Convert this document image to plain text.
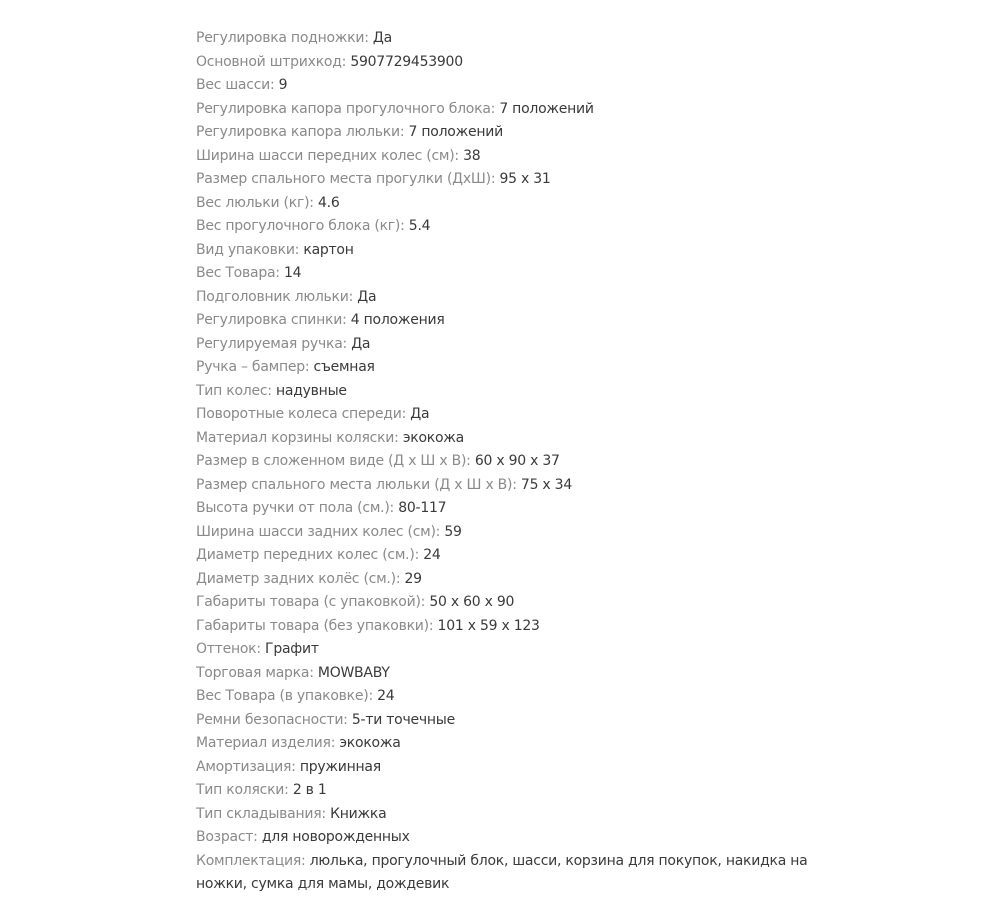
Регулировка подножки: Да
Основной штрихкод: 5907729453900
Вес шасси: 9
Регулировка капора прогулочного блока: 7 положений
Регулировка капора люльки: 7 положений
Ширина шасси передних колес (см): 38
Размер спального места прогулки (ДхШ): 95 x 31
Вес люльки (кг): 4.6
Вес прогулочного блока (кг): 5.4
Вид упаковки: картон
Вес Товара: 14
Подголовник люльки: Да
Регулировка спинки: 4 положения
Регулируемая ручка: Да
Ручка – бампер: съемная
Тип колес: надувные
Поворотные колеса спереди: Да
Материал корзины коляски: экокожа
Размер в сложенном виде (Д x Ш x В): 60 x 90 x 37
Размер спального места люльки (Д x Ш x В): 75 x 34
Высота ручки от пола (см.): 80-117
Ширина шасси задних колес (см): 59
Диаметр передних колес (см.): 24
Диаметр задних колёс (см.): 29
Габариты товара (с упаковкой): 50 x 60 x 90
Габариты товара (без упаковки): 101 x 59 x 123
Оттенок: Графит
Торговая марка: MOWBABY
Вес Товара (в упаковке): 24
Ремни безопасности: 5-ти точечные
Материал изделия: экокожа
Амортизация: пружинная
Тип коляски: 2 в 1
Тип складывания: Книжка
Возраст: для новорожденных
Комплектация: люлька, прогулочный блок, шасси, корзина для покупок, накидка на ножки, сумка для мамы, дождевик
